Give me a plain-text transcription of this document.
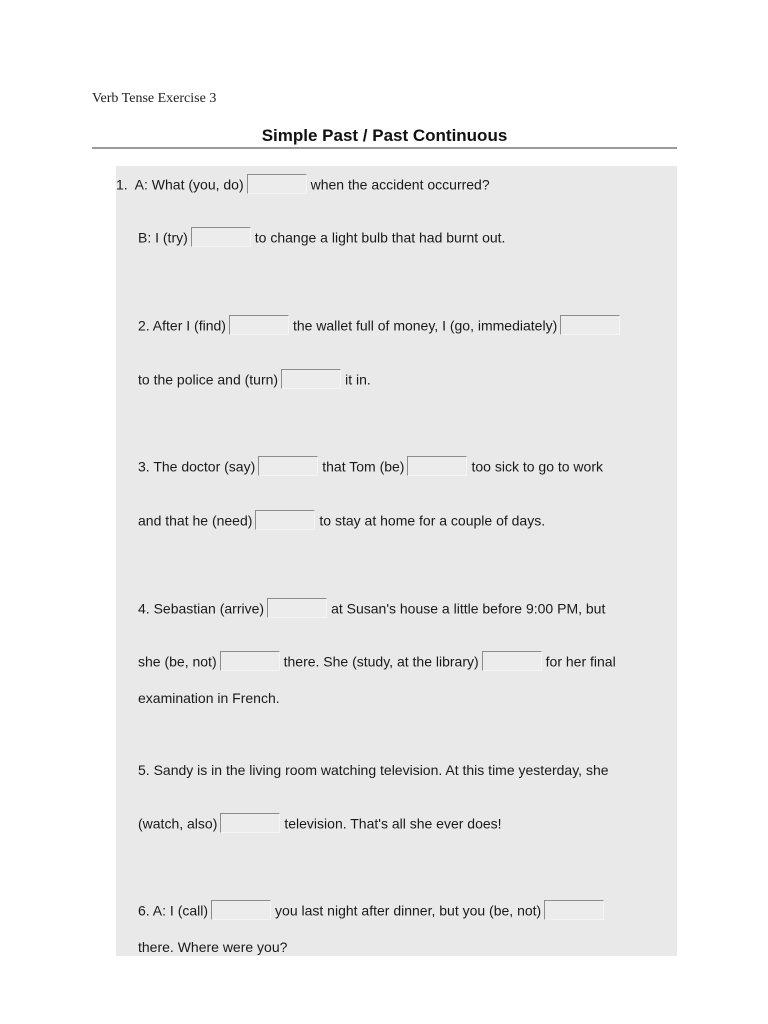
Verb Tense Exercise 3
Simple Past / Past Continuous
1.  A: What (you, do)	when the accident occurred?
B: I (try)	to change a light bulb that had burnt out.
2. After I (find)	the wallet full of money, I (go, immediately)
to the police and (turn)	it in.
3. The doctor (say)	that Tom (be)	too sick to go to work
and that he (need)	to stay at home for a couple of days.
4. Sebastian (arrive)	at Susan's house a little before 9:00 PM, but
she (be, not)	there. She (study, at the library)	for her final
examination in French.
5. Sandy is in the living room watching television. At this time yesterday, she
(watch, also)	television. That's all she ever does!
6. A: I (call)	you last night after dinner, but you (be, not)
there. Where were you?
